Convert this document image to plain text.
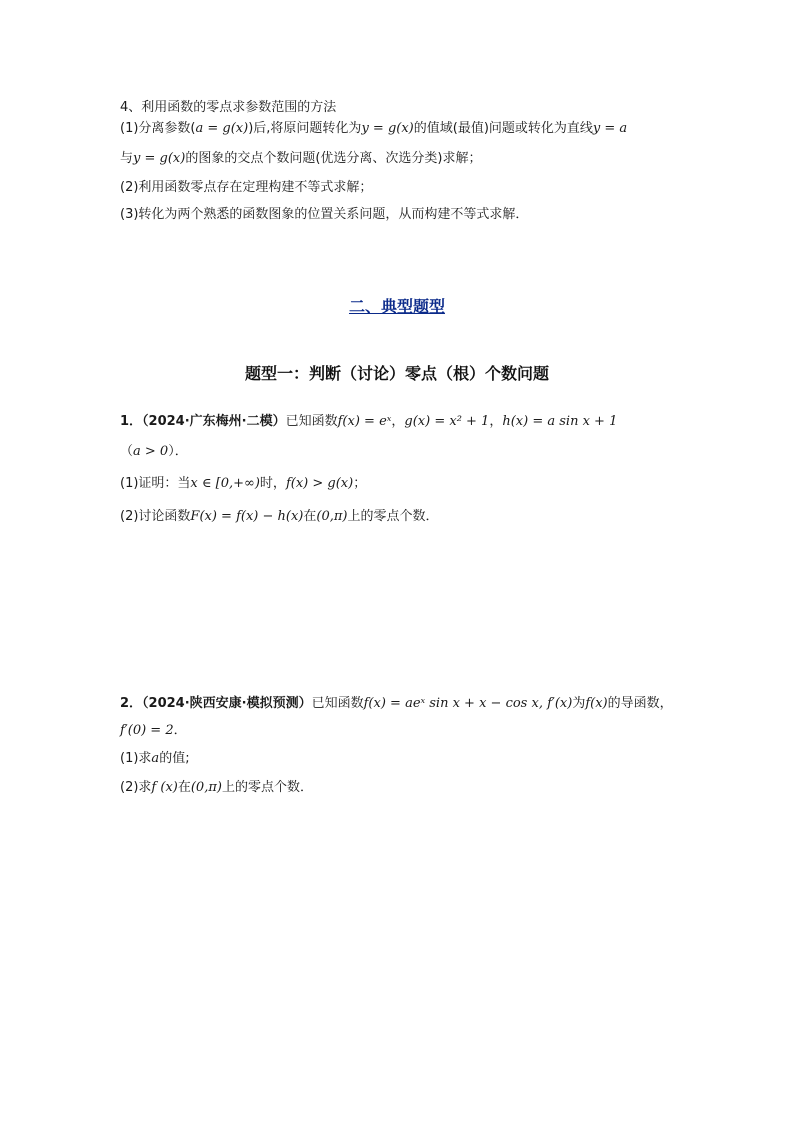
4、利用函数的零点求参数范围的方法
(1)分离参数(a = g(x))后,将原问题转化为y = g(x)的值域(最值)问题或转化为直线y = a
与y = g(x)的图象的交点个数问题(优选分离、次选分类)求解；
(2)利用函数零点存在定理构建不等式求解；
(3)转化为两个熟悉的函数图象的位置关系问题，从而构建不等式求解．
二、典型题型
题型一：判断（讨论）零点（根）个数问题
1．（2024·广东梅州·二模）已知函数f(x) = eˣ，g(x) = x² + 1，h(x) = a sin x + 1
（a > 0）．
(1)证明：当x ∈ [0,+∞)时，f(x) > g(x)；
(2)讨论函数F(x) = f(x) − h(x)在(0,π)上的零点个数．
2．（2024·陕西安康·模拟预测）已知函数f(x) = aeˣ sin x + x − cos x, f′(x)为f(x)的导函数，
f′(0) = 2．
(1)求a的值;
(2)求f (x)在(0,π)上的零点个数．
